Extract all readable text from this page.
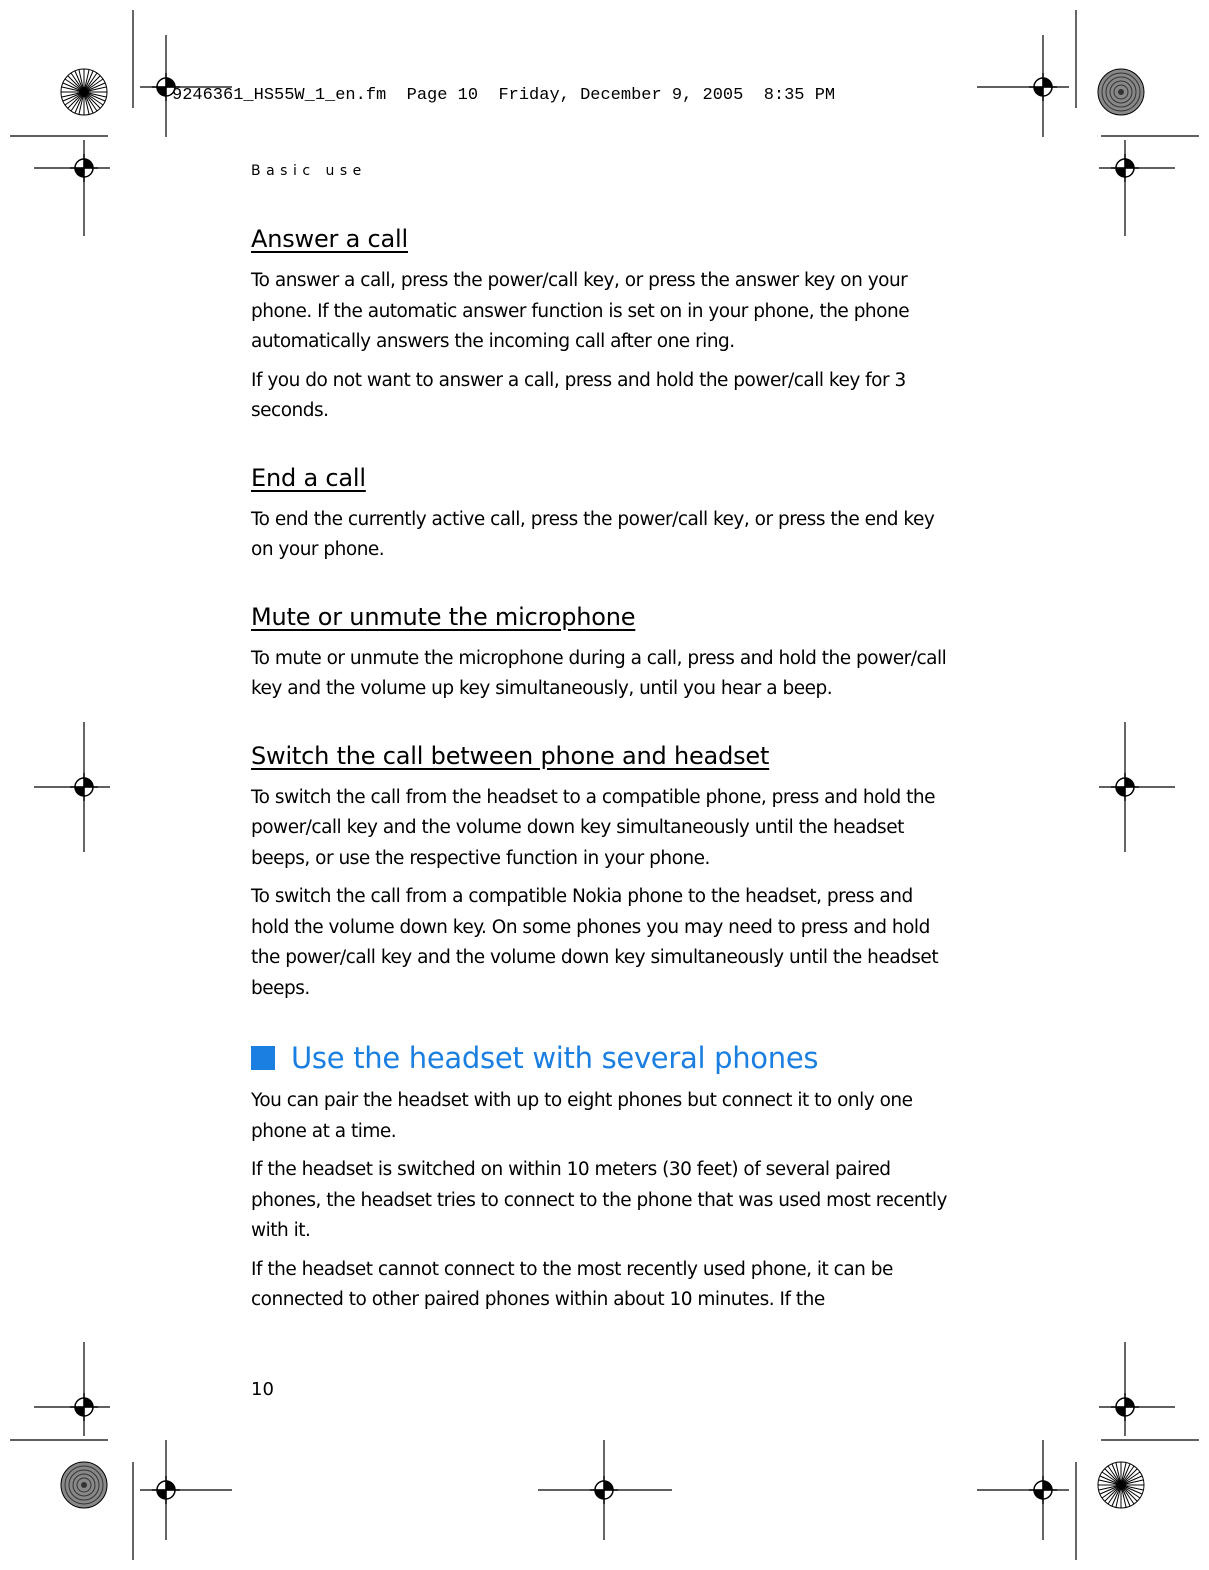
9246361_HS55W_1_en.fm  Page 10  Friday, December 9, 2005  8:35 PM
Basic use
Answer a call

To answer a call, press the power/call key, or press the answer key on your phone. If the automatic answer function is set on in your phone, the phone automatically answers the incoming call after one ring.

If you do not want to answer a call, press and hold the power/call key for 3 seconds.

End a call

To end the currently active call, press the power/call key, or press the end key on your phone.

Mute or unmute the microphone

To mute or unmute the microphone during a call, press and hold the power/call key and the volume up key simultaneously, until you hear a beep.

Switch the call between phone and headset

To switch the call from the headset to a compatible phone, press and hold the power/call key and the volume down key simultaneously until the headset beeps, or use the respective function in your phone.

To switch the call from a compatible Nokia phone to the headset, press and hold the volume down key. On some phones you may need to press and hold the power/call key and the volume down key simultaneously until the headset beeps.

Use the headset with several phones

You can pair the headset with up to eight phones but connect it to only one phone at a time.

If the headset is switched on within 10 meters (30 feet) of several paired phones, the headset tries to connect to the phone that was used most recently with it.

If the headset cannot connect to the most recently used phone, it can be connected to other paired phones within about 10 minutes. If the

10
